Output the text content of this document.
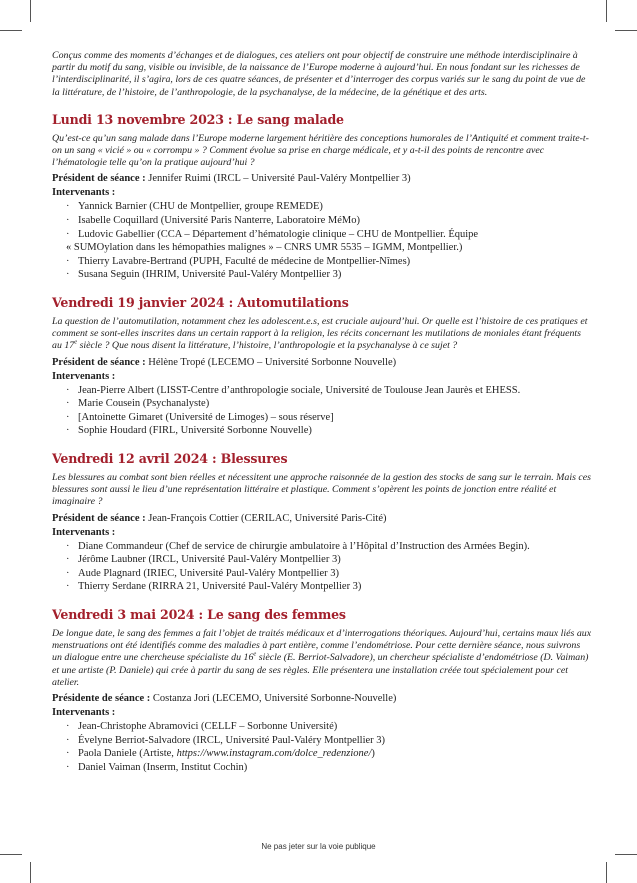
Conçus comme des moments d’échanges et de dialogues, ces ateliers ont pour objectif de construire une méthode interdisciplinaire à partir du motif du sang, visible ou invisible, de la naissance de l’Europe moderne à aujourd’hui. En nous fondant sur les richesses de l’interdisciplinarité, il s’agira, lors de ces quatre séances, de présenter et d’interroger des corpus variés sur le sang du point de vue de la littérature, de l’histoire, de l’anthropologie, de la psychanalyse, de la médecine, de la génétique et des arts.

Lundi 13 novembre 2023 : Le sang malade

Qu’est-ce qu’un sang malade dans l’Europe moderne largement héritière des conceptions humorales de l’Antiquité et comment traite-t-on un sang « vicié » ou « corrompu » ? Comment évolue sa prise en charge médicale, et y a-t-il des points de rencontre avec l’hématologie telle qu’on la pratique aujourd’hui ?

Président de séance : Jennifer Ruimi (IRCL – Université Paul-Valéry Montpellier 3)

Intervenants :
· Yannick Barnier (CHU de Montpellier, groupe REMEDE)
· Isabelle Coquillard (Université Paris Nanterre, Laboratoire MéMo)
· Ludovic Gabellier (CCA – Département d’hématologie clinique – CHU de Montpellier. Équipe
· « SUMOylation dans les hémopathies malignes » – CNRS UMR 5535 – IGMM, Montpellier.)
· Thierry Lavabre-Bertrand (PUPH, Faculté de médecine de Montpellier-Nîmes)
· Susana Seguin (IHRIM, Université Paul-Valéry Montpellier 3)
Vendredi 19 janvier 2024 : Automutilations

La question de l’automutilation, notamment chez les adolescent.e.s, est cruciale aujourd’hui. Or quelle est l’histoire de ces pratiques et comment se sont-elles inscrites dans un certain rapport à la religion, les récits concernant les mutilations de moniales étant fréquents au 17e siècle ? Que nous disent la littérature, l’histoire, l’anthropologie et la psychanalyse à ce sujet ?

Président de séance : Hélène Tropé (LECEMO – Université Sorbonne Nouvelle)

Intervenants :
· Jean-Pierre Albert (LISST-Centre d’anthropologie sociale, Université de Toulouse Jean Jaurès et EHESS.
· Marie Cousein (Psychanalyste)
· [Antoinette Gimaret (Université de Limoges) – sous réserve]
· Sophie Houdard (FIRL, Université Sorbonne Nouvelle)
Vendredi 12 avril 2024 : Blessures

Les blessures au combat sont bien réelles et nécessitent une approche raisonnée de la gestion des stocks de sang sur le terrain. Mais ces blessures sont aussi le lieu d’une représentation littéraire et plastique. Comment s’opèrent les points de jonction entre réalité et imaginaire ?

Président de séance : Jean-François Cottier (CERILAC, Université Paris-Cité)

Intervenants :
· Diane Commandeur (Chef de service de chirurgie ambulatoire à l’Hôpital d’Instruction des Armées Begin).
· Jérôme Laubner (IRCL, Université Paul-Valéry Montpellier 3)
· Aude Plagnard (IRIEC, Université Paul-Valéry Montpellier 3)
· Thierry Serdane (RIRRA 21, Université Paul-Valéry Montpellier 3)
Vendredi 3 mai 2024 : Le sang des femmes

De longue date, le sang des femmes a fait l’objet de traités médicaux et d’interrogations théoriques. Aujourd’hui, certains maux liés aux menstruations ont été identifiés comme des maladies à part entière, comme l’endométriose. Pour cette dernière séance, nous suivrons un dialogue entre une chercheuse spécialiste du 16e siècle (E. Berriot-Salvadore), un chercheur spécialiste d’endométriose (D. Vaiman) et une artiste (P. Daniele) qui crée à partir du sang de ses règles. Elle présentera une installation créée tout spécialement pour cet atelier.

Présidente de séance : Costanza Jori (LECEMO, Université Sorbonne-Nouvelle)

Intervenants :
· Jean-Christophe Abramovici (CELLF – Sorbonne Université)
· Évelyne Berriot-Salvadore (IRCL, Université Paul-Valéry Montpellier 3)
· Paola Daniele (Artiste, https://www.instagram.com/dolce_redenzione/)
· Daniel Vaiman (Inserm, Institut Cochin)
Ne pas jeter sur la voie publique
